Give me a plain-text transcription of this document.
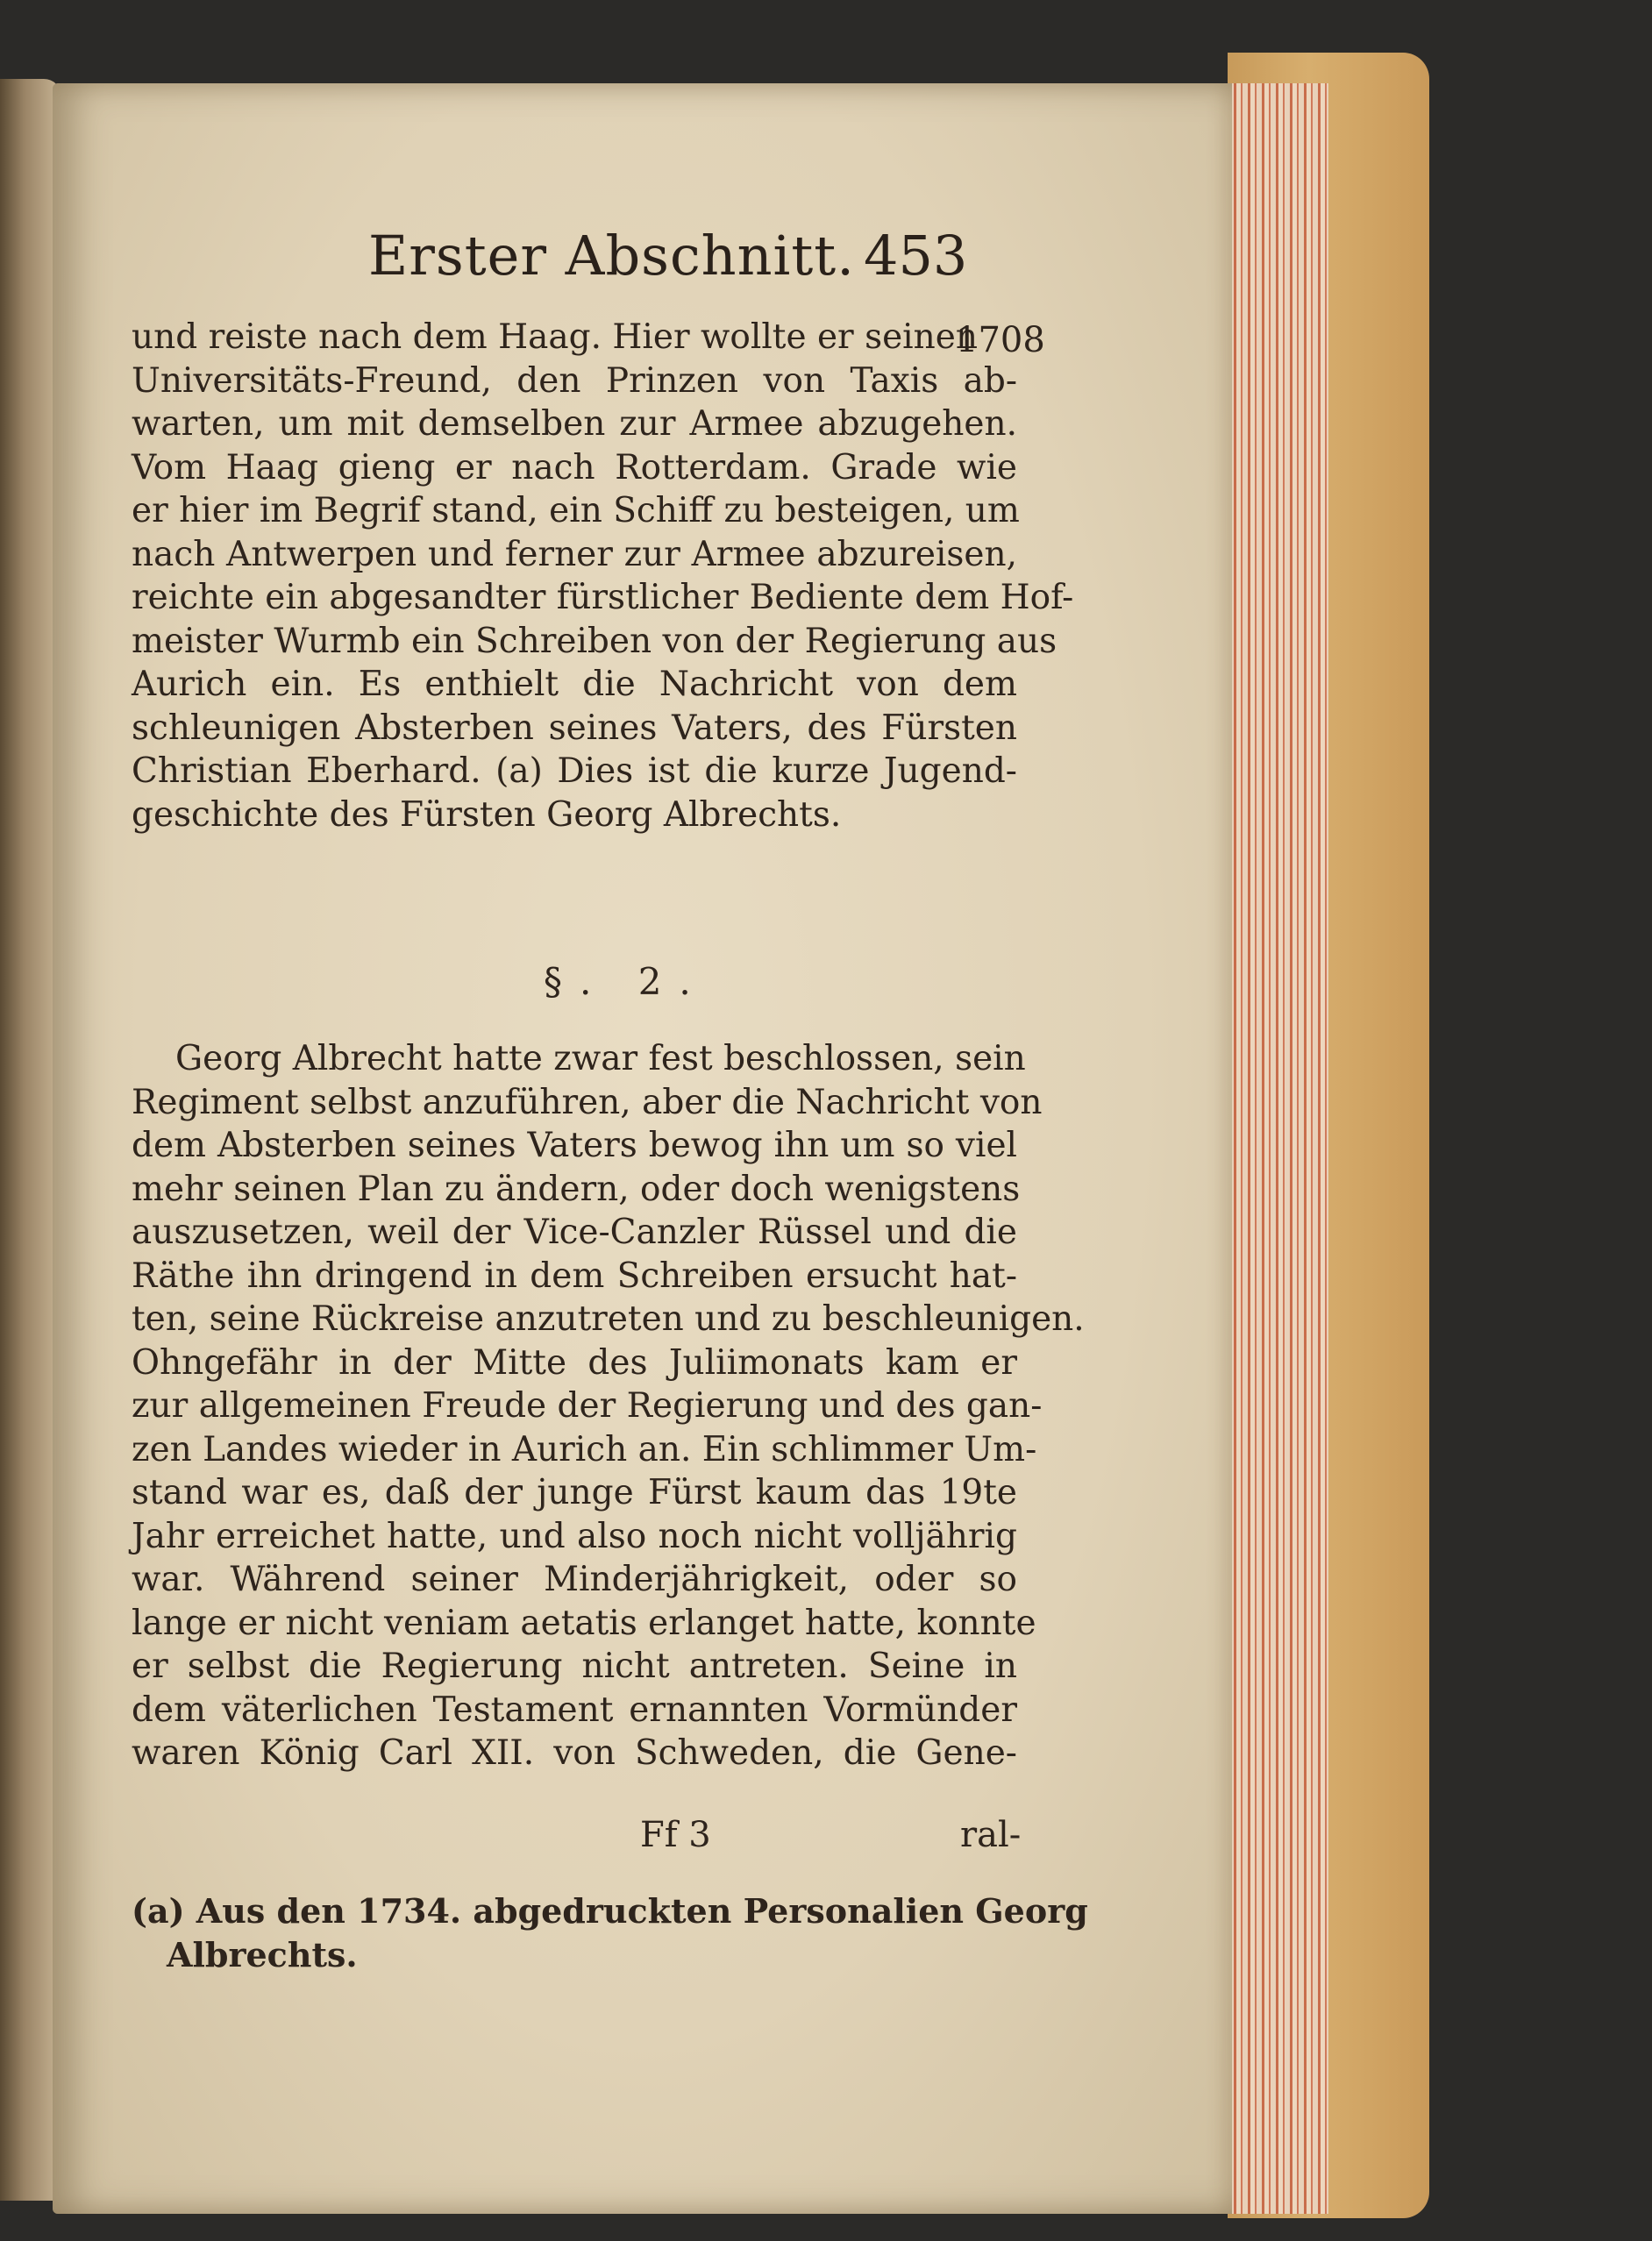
Erster Abschnitt. 453
1708
und reiste nach dem Haag. Hier wollte er seinen
Universitäts-Freund, den Prinzen von Taxis ab-
warten, um mit demselben zur Armee abzugehen.
Vom Haag gieng er nach Rotterdam. Grade wie
er hier im Begrif stand, ein Schiff zu besteigen, um
nach Antwerpen und ferner zur Armee abzureisen,
reichte ein abgesandter fürstlicher Bediente dem Hof-
meister Wurmb ein Schreiben von der Regierung aus
Aurich ein. Es enthielt die Nachricht von dem
schleunigen Absterben seines Vaters, des Fürsten
Christian Eberhard. (a) Dies ist die kurze Jugend-
geschichte des Fürsten Georg Albrechts.
§. 2.
Georg Albrecht hatte zwar fest beschlossen, sein
Regiment selbst anzuführen, aber die Nachricht von
dem Absterben seines Vaters bewog ihn um so viel
mehr seinen Plan zu ändern, oder doch wenigstens
auszusetzen, weil der Vice-Canzler Rüssel und die
Räthe ihn dringend in dem Schreiben ersucht hat-
ten, seine Rückreise anzutreten und zu beschleunigen.
Ohngefähr in der Mitte des Juliimonats kam er
zur allgemeinen Freude der Regierung und des gan-
zen Landes wieder in Aurich an. Ein schlimmer Um-
stand war es, daß der junge Fürst kaum das 19te
Jahr erreichet hatte, und also noch nicht volljährig
war. Während seiner Minderjährigkeit, oder so
lange er nicht veniam aetatis erlanget hatte, konnte
er selbst die Regierung nicht antreten. Seine in
dem väterlichen Testament ernannten Vormünder
waren König Carl XII. von Schweden, die Gene-
Ff 3	ral-
(a) Aus den 1734. abgedruckten Personalien Georg
Albrechts.
